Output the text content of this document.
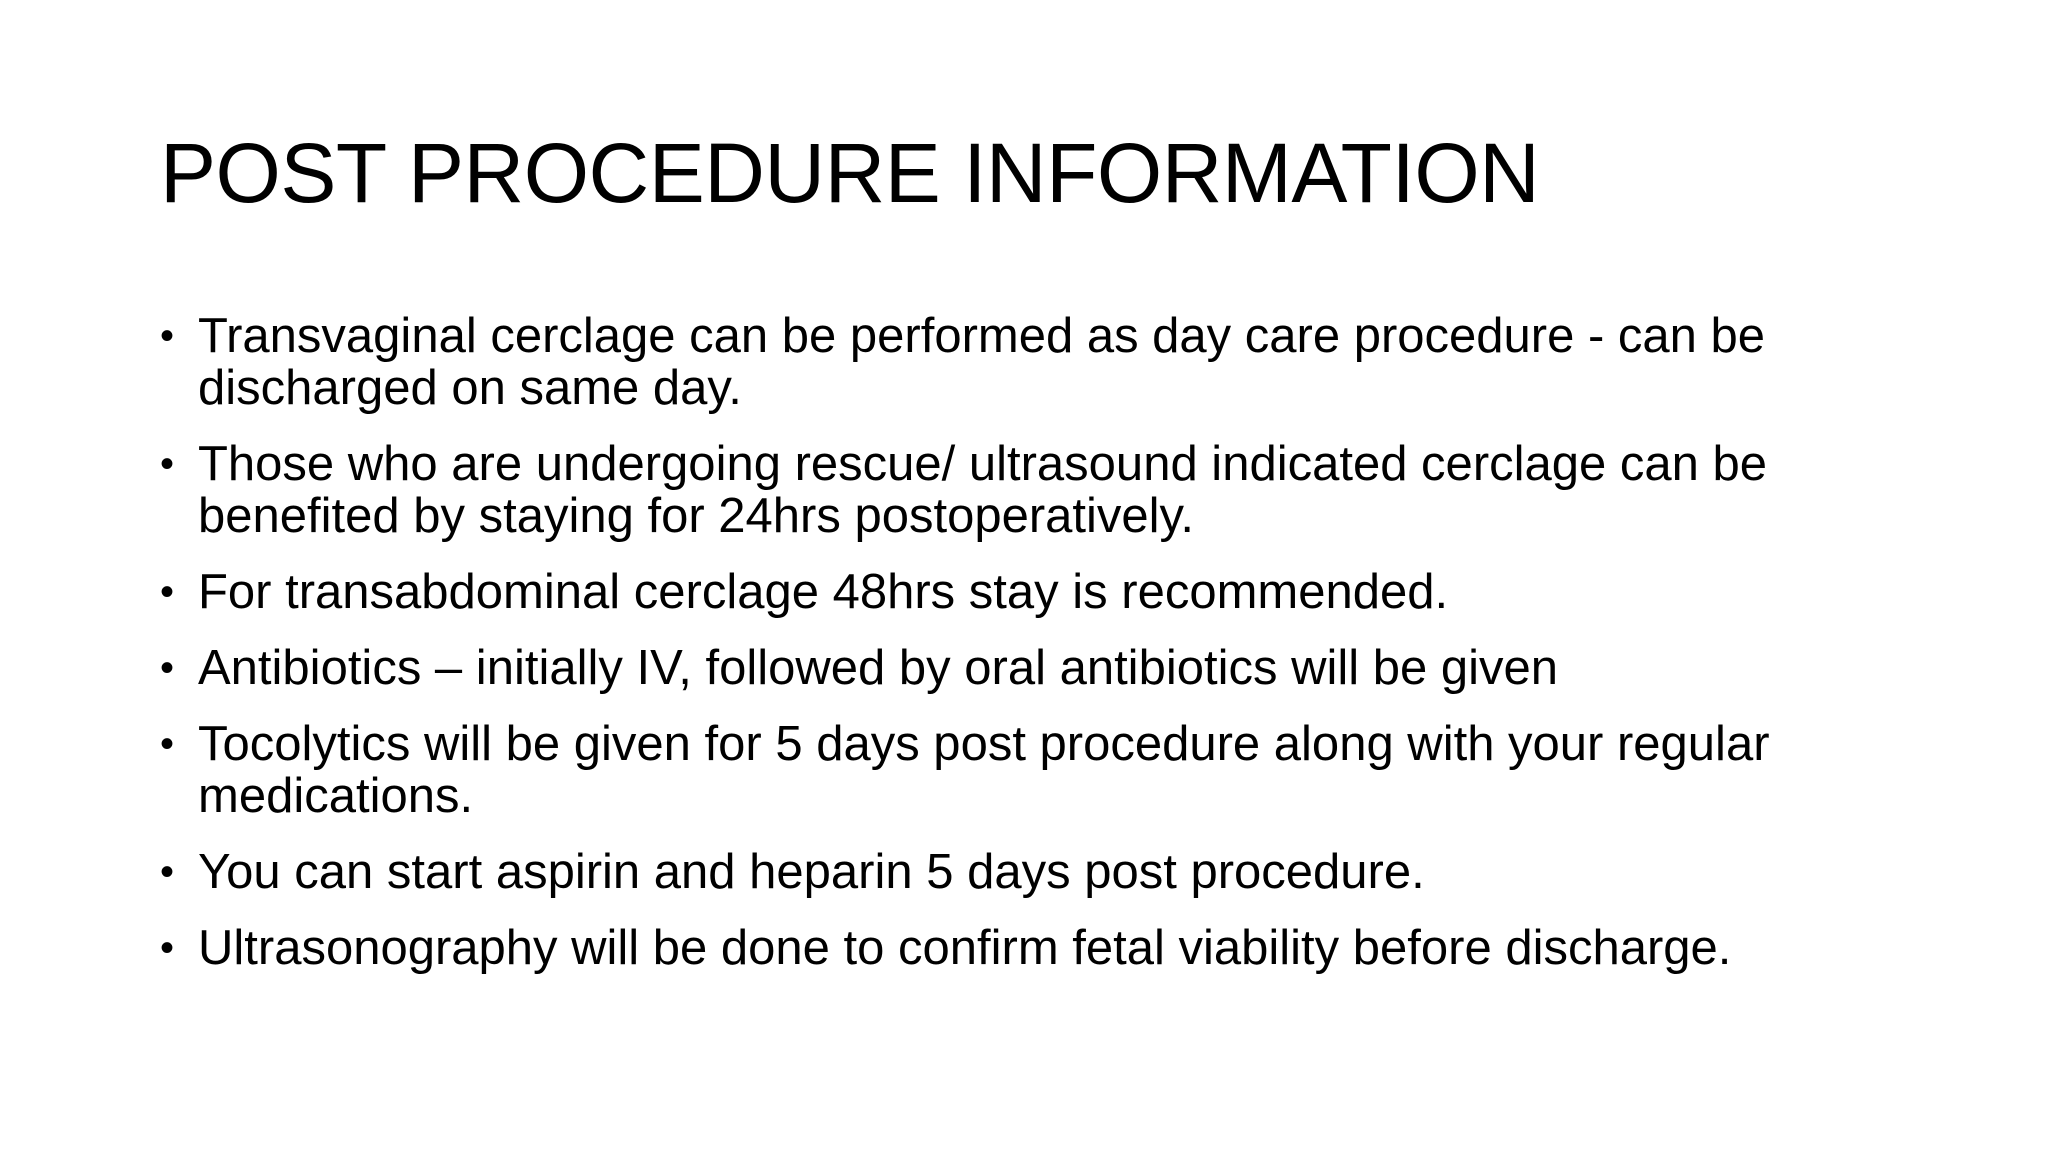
POST PROCEDURE INFORMATION
• Transvaginal cerclage can be performed as day care procedure - can be discharged on same day.
• Those who are undergoing rescue/ ultrasound indicated cerclage can be benefited by staying for 24hrs postoperatively.
• For transabdominal cerclage 48hrs stay is recommended.
• Antibiotics – initially IV, followed by oral antibiotics will be given
• Tocolytics will be given for 5 days post procedure along with your regular medications.
• You can start aspirin and heparin 5 days post procedure.
• Ultrasonography will be done to confirm fetal viability before discharge.
